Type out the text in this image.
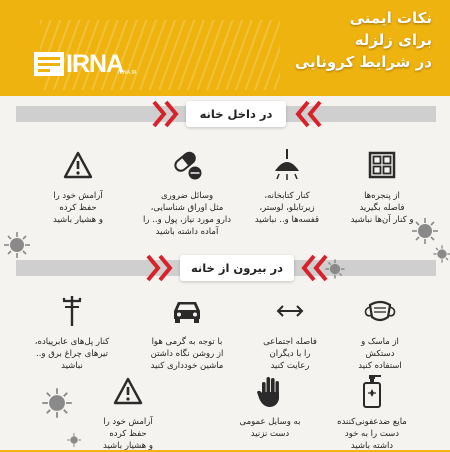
نکات ایمنی
برای زلزله
در شرایط کرونایی
IRNA
IRNA.IR
در داخل خانه
از پنجره‌ها
فاصله بگیرید
و کنار آن‌ها نباشید
کنار کتابخانه،
زیرتابلو، لوستر،
قفسه‌ها و.. نباشید
وسائل ضروری
مثل اوراق شناسایی،
دارو مورد نیاز، پول و.. را
آماده داشته باشید
آرامش خود را
حفظ کرده
و هشیار باشید
در بیرون از خانه
از ماسک و
دستکش
استفاده کنید
فاصله اجتماعی
را با دیگران
رعایت کنید
با توجه به گرمی هوا
از روشن نگاه داشتن
ماشین خودداری کنید
کنار پل‌های عابرپیاده،
تیرهای چراغ برق و..
نباشید
مایع ضدعفونی‌کننده
دست را به خود
داشته باشید
به وسایل عمومی
دست نزنید
آرامش خود را
حفظ کرده
و هشیار باشید
